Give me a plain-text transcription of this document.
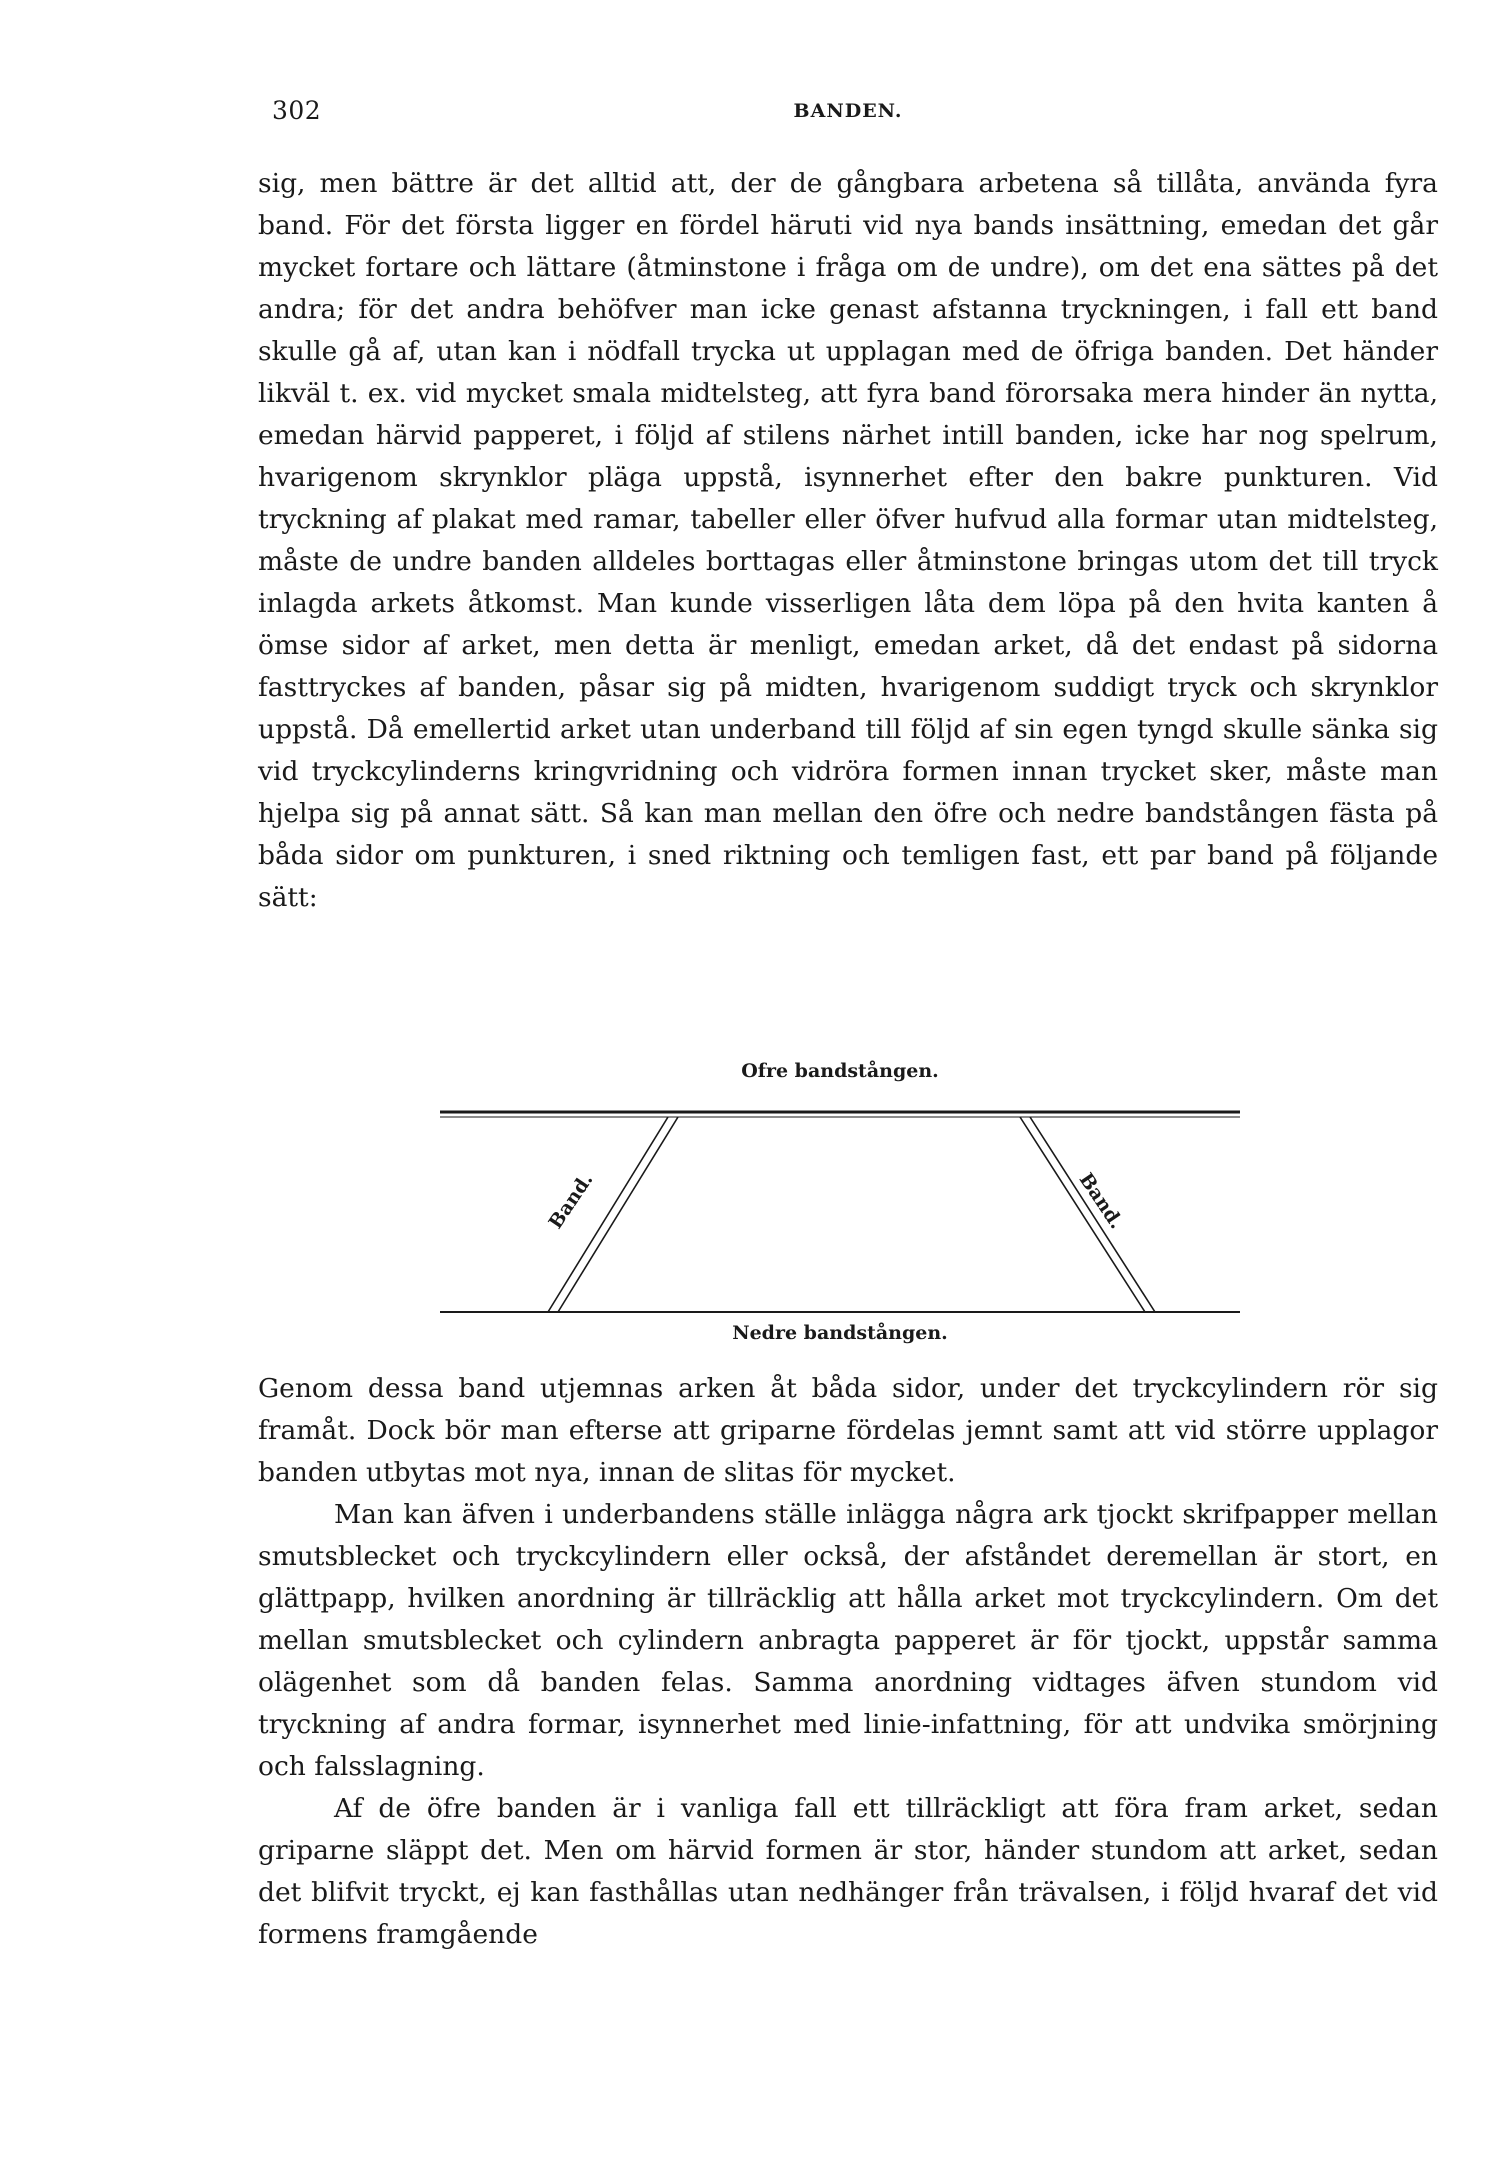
302	BANDEN.

sig, men bättre är det alltid att, der de gångbara arbetena så tillåta, använda fyra band. För det första ligger en fördel häruti vid nya bands insättning, emedan det går mycket fortare och lättare (åtminstone i fråga om de undre), om det ena sättes på det andra; för det andra behöfver man icke genast afstanna tryckningen, i fall ett band skulle gå af, utan kan i nödfall trycka ut upplagan med de öfriga banden. Det händer likväl t. ex. vid mycket smala midtelsteg, att fyra band förorsaka mera hinder än nytta, emedan härvid papperet, i följd af stilens närhet intill banden, icke har nog spelrum, hvarigenom skrynklor pläga uppstå, isynnerhet efter den bakre punkturen. Vid tryckning af plakat med ramar, tabeller eller öfver hufvud alla formar utan midtelsteg, måste de undre banden alldeles borttagas eller åtminstone bringas utom det till tryck inlagda arkets åtkomst. Man kunde visserligen låta dem löpa på den hvita kanten å ömse sidor af arket, men detta är menligt, emedan arket, då det endast på sidorna fasttryckes af banden, påsar sig på midten, hvarigenom suddigt tryck och skrynklor uppstå. Då emellertid arket utan underband till följd af sin egen tyngd skulle sänka sig vid tryckcylinderns kringvridning och vidröra formen innan trycket sker, måste man hjelpa sig på annat sätt. Så kan man mellan den öfre och nedre bandstången fästa på båda sidor om punkturen, i sned riktning och temligen fast, ett par band på följande sätt:

Ofre bandstången.
Band.	Band.
Nedre bandstången.

Genom dessa band utjemnas arken åt båda sidor, under det tryckcylindern rör sig framåt. Dock bör man efterse att griparne fördelas jemnt samt att vid större upplagor banden utbytas mot nya, innan de slitas för mycket.

Man kan äfven i underbandens ställe inlägga några ark tjockt skrifpapper mellan smutsblecket och tryckcylindern eller också, der afståndet deremellan är stort, en glättpapp, hvilken anordning är tillräcklig att hålla arket mot tryckcylindern. Om det mellan smutsblecket och cylindern anbragta papperet är för tjockt, uppstår samma olägenhet som då banden felas. Samma anordning vidtages äfven stundom vid tryckning af andra formar, isynnerhet med linie-infattning, för att undvika smörjning och falsslagning.

Af de öfre banden är i vanliga fall ett tillräckligt att föra fram arket, sedan griparne släppt det. Men om härvid formen är stor, händer stundom att arket, sedan det blifvit tryckt, ej kan fasthållas utan nedhänger från trävalsen, i följd hvaraf det vid formens framgående
